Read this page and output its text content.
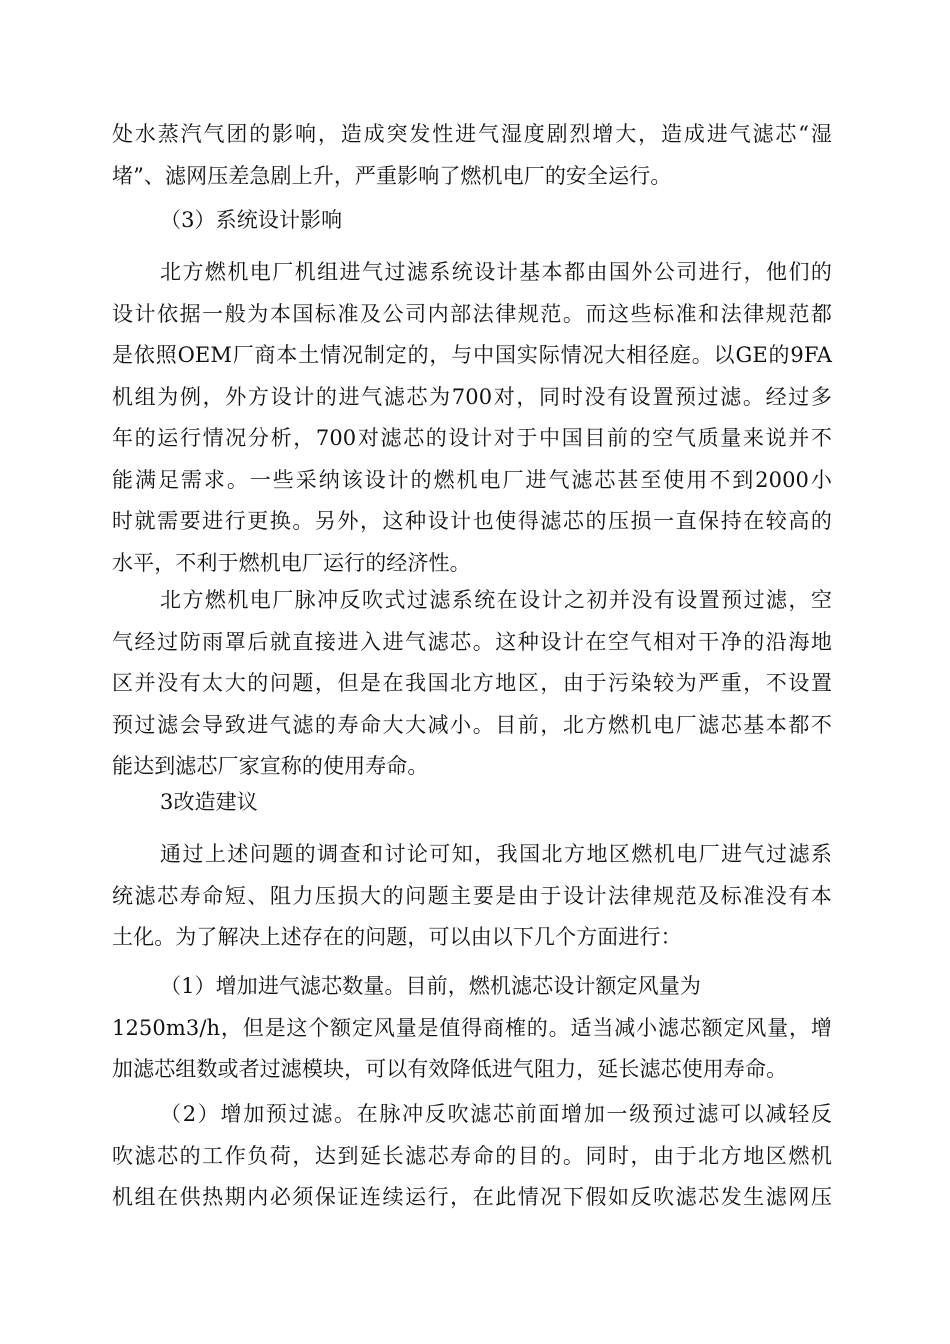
处水蒸汽气团的影响，造成突发性进气湿度剧烈增大，造成进气滤芯“湿
堵”、滤网压差急剧上升，严重影响了燃机电厂的安全运行。
（3）系统设计影响
北方燃机电厂机组进气过滤系统设计基本都由国外公司进行，他们的
设计依据一般为本国标准及公司内部法律规范。而这些标准和法律规范都
是依照OEM厂商本土情况制定的，与中国实际情况大相径庭。以GE的9FA
机组为例，外方设计的进气滤芯为700对，同时没有设置预过滤。经过多
年的运行情况分析，700对滤芯的设计对于中国目前的空气质量来说并不
能满足需求。一些采纳该设计的燃机电厂进气滤芯甚至使用不到2000小
时就需要进行更换。另外，这种设计也使得滤芯的压损一直保持在较高的
水平，不利于燃机电厂运行的经济性。
北方燃机电厂脉冲反吹式过滤系统在设计之初并没有设置预过滤，空
气经过防雨罩后就直接进入进气滤芯。这种设计在空气相对干净的沿海地
区并没有太大的问题，但是在我国北方地区，由于污染较为严重，不设置
预过滤会导致进气滤的寿命大大减小。目前，北方燃机电厂滤芯基本都不
能达到滤芯厂家宣称的使用寿命。
3改造建议
通过上述问题的调查和讨论可知，我国北方地区燃机电厂进气过滤系
统滤芯寿命短、阻力压损大的问题主要是由于设计法律规范及标准没有本
土化。为了解决上述存在的问题，可以由以下几个方面进行：
（1）增加进气滤芯数量。目前，燃机滤芯设计额定风量为
1250m3/h，但是这个额定风量是值得商榷的。适当减小滤芯额定风量，增
加滤芯组数或者过滤模块，可以有效降低进气阻力，延长滤芯使用寿命。
（2）增加预过滤。在脉冲反吹滤芯前面增加一级预过滤可以减轻反
吹滤芯的工作负荷，达到延长滤芯寿命的目的。同时，由于北方地区燃机
机组在供热期内必须保证连续运行，在此情况下假如反吹滤芯发生滤网压
